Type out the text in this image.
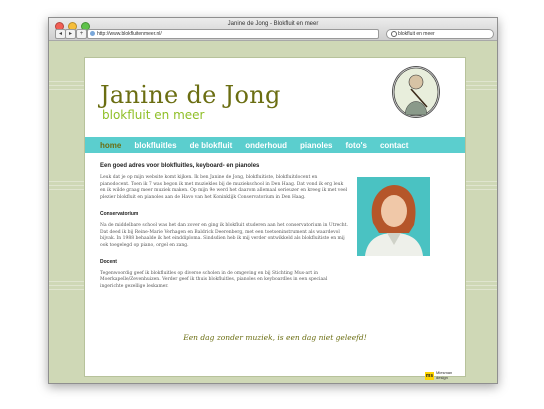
Janine de Jong - Blokfluit en meer
◂	▸	+	http://www.blokfluitenmeer.nl/	blokfluit en meer
Janine de Jong
blokfluit en meer
home blokfluitles de blokfluit onderhoud pianoles foto's contact
Een goed adres voor blokfluitles, keyboard- en pianoles

Leuk dat je op mijn website komt kijken. Ik ben Janine de Jong, blokfluitiste, blokfluitdocent en pianodocent. Toen ik 7 was begon ik met muziekles bij de muziekschool in Den Haag. Dat vond ik erg leuk en ik wilde graag meer muziek maken. Op mijn 9e werd het daarom allemaal serieuzer en kreeg ik met veel plezier blokfluit en pianoles aan de Havo van het Koninklijk Conservatorium in Den Haag.

Conservatorium

Na de middelbare school was het dan zover en ging ik blokfluit studeren aan het conservatorium in Utrecht. Dat deed ik bij Reine-Marie Verhagen en Baldrick Deerenberg, met een toetseninstrument als waardevol bijvak. In 1988 behaalde ik het einddiploma. Sindsdien heb ik mij verder ontwikkeld als blokfluitiste en mij ook toegelegd op piano, orgel en zang.

Docent

Tegenwoordig geef ik blokfluitles op diverse scholen in de omgeving en bij Stichting Mus-art in Moerkapelle/Zevenhuizen. Verder geef ik thuis blokfluitles, pianoles en keyboardles in een speciaal ingerichte gezellige leskamer.

Een dag zonder muziek, is een dag niet geleefd!
ms Miesman
design
